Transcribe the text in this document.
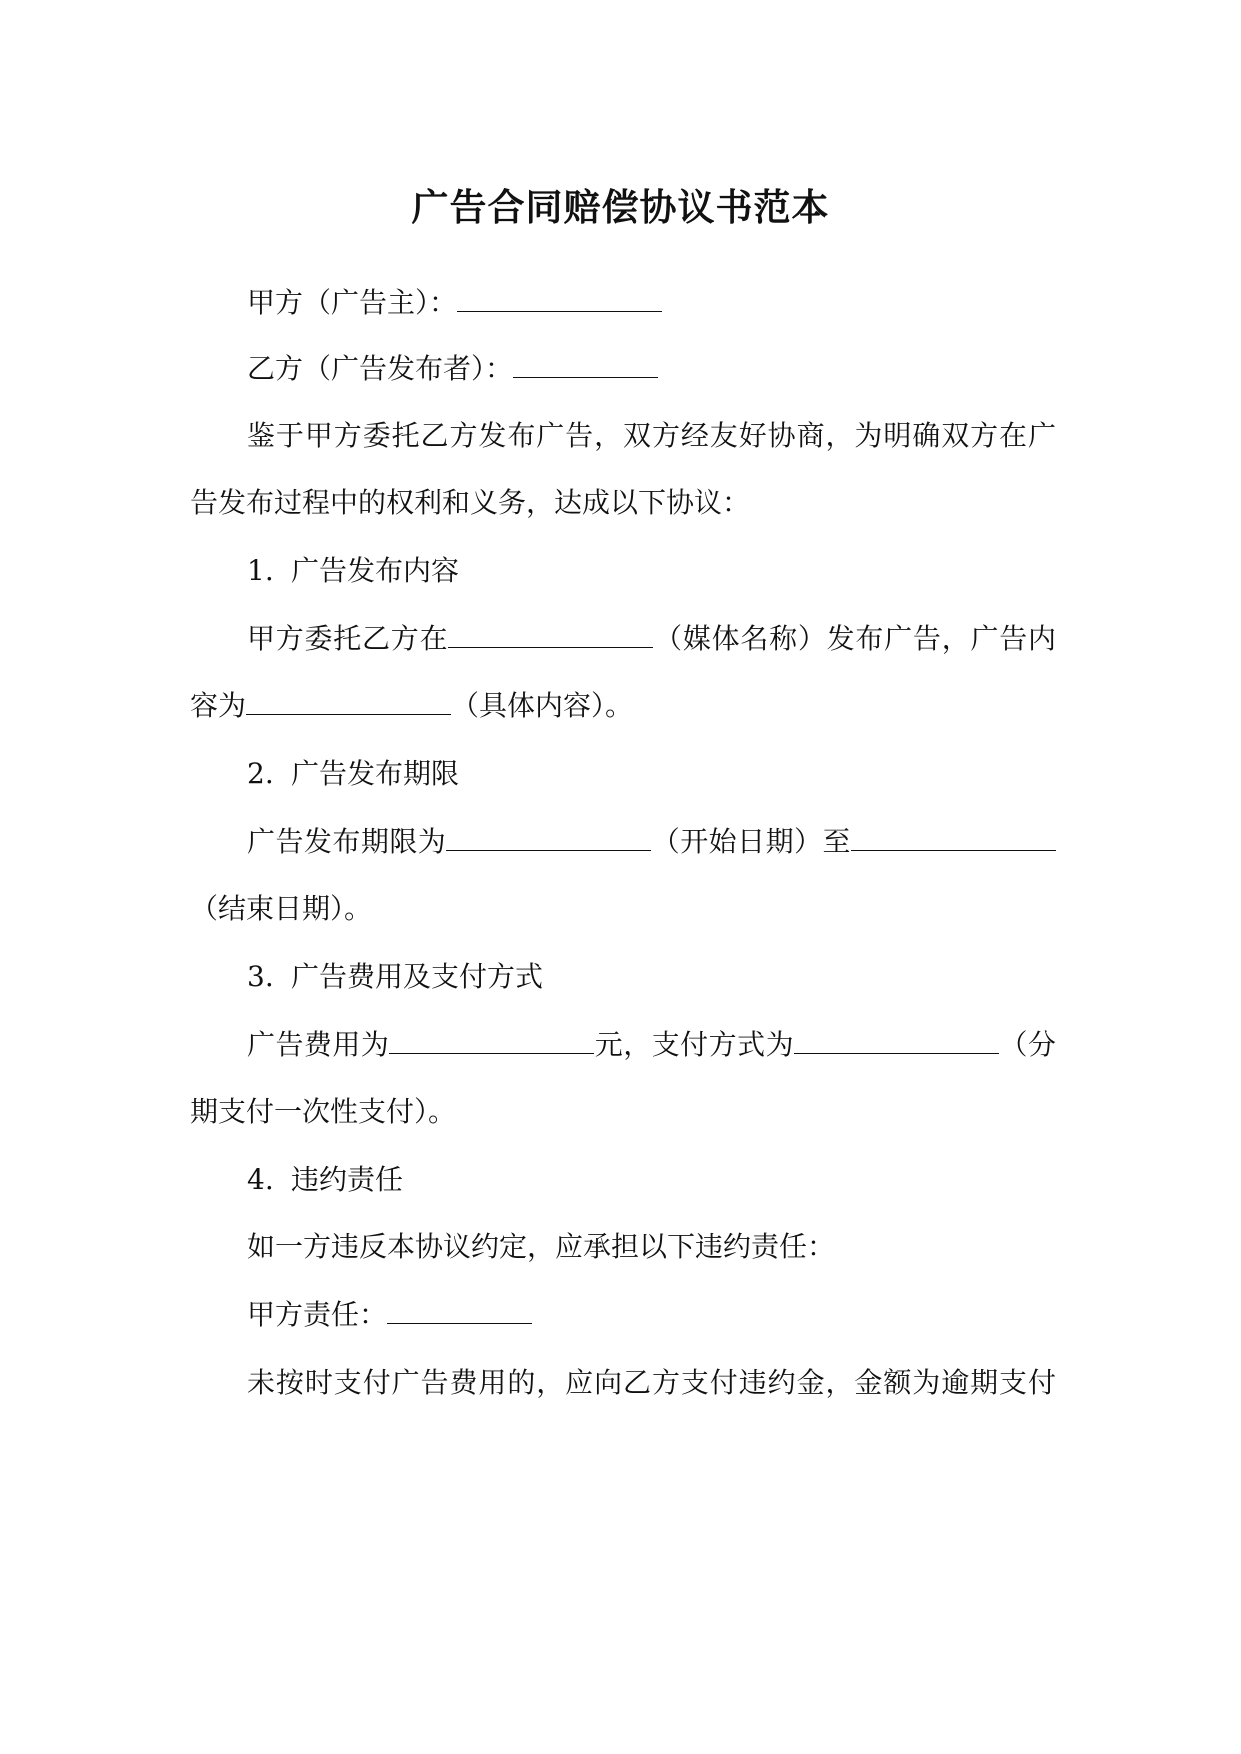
广告合同赔偿协议书范本
甲方（广告主）：
乙方（广告发布者）：
鉴于甲方委托乙方发布广告，双方经友好协商，为明确双方在广
告发布过程中的权利和义务，达成以下协议：
1. 广告发布内容
甲方委托乙方在	（媒体名称）发布广告，广告内
容为	（具体内容）。
2. 广告发布期限
广告发布期限为	（开始日期）至
（结束日期）。
3. 广告费用及支付方式
广告费用为	元，支付方式为	（分
期支付一次性支付）。
4. 违约责任
如一方违反本协议约定，应承担以下违约责任：
甲方责任：
未按时支付广告费用的，应向乙方支付违约金，金额为逾期支付
